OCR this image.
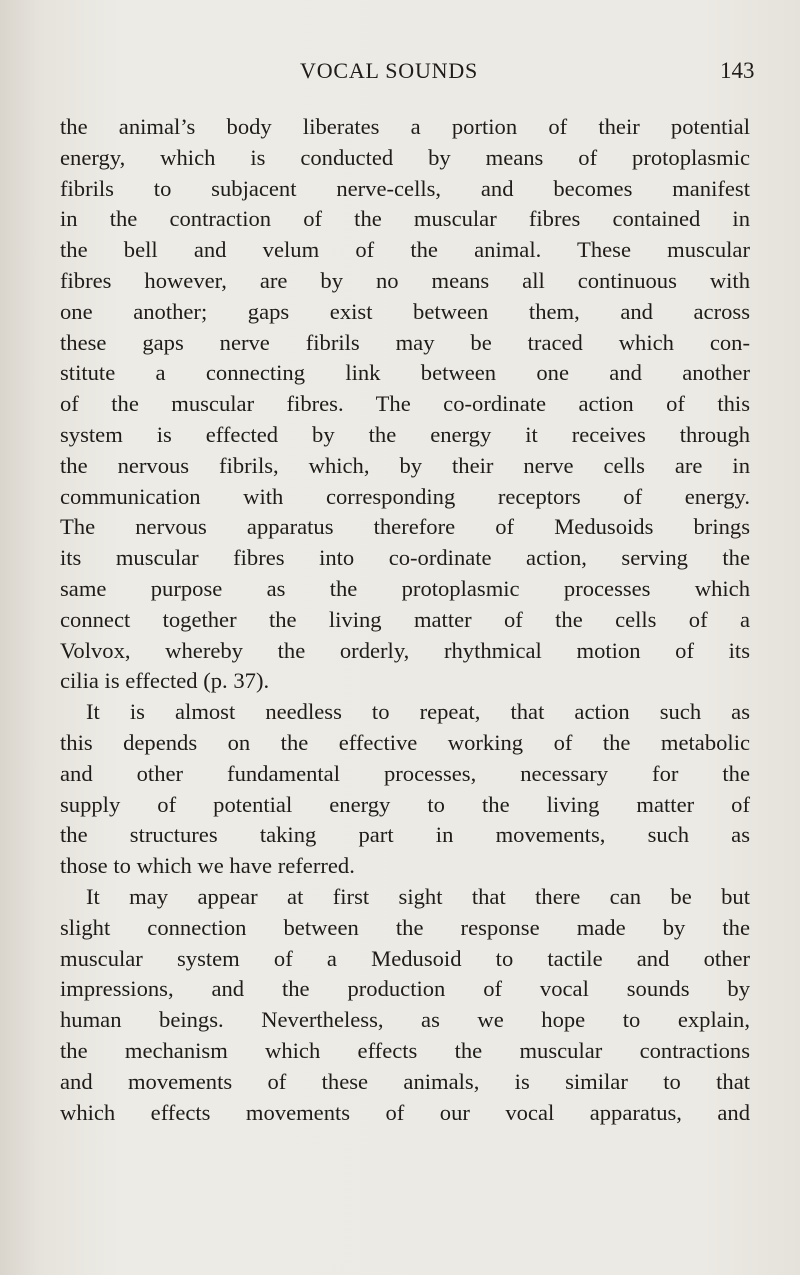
VOCAL SOUNDS	143
the animal’s body liberates a portion of their potential
energy, which is conducted by means of protoplasmic
fibrils to subjacent nerve-cells, and becomes manifest
in the contraction of the muscular fibres contained in
the bell and velum of the animal. These muscular
fibres however, are by no means all continuous with
one another; gaps exist between them, and across
these gaps nerve fibrils may be traced which con-
stitute a connecting link between one and another
of the muscular fibres. The co-ordinate action of this
system is effected by the energy it receives through
the nervous fibrils, which, by their nerve cells are in
communication with corresponding receptors of energy.
The nervous apparatus therefore of Medusoids brings
its muscular fibres into co-ordinate action, serving the
same purpose as the protoplasmic processes which
connect together the living matter of the cells of a
Volvox, whereby the orderly, rhythmical motion of its
cilia is effected (p. 37).
It is almost needless to repeat, that action such as
this depends on the effective working of the metabolic
and other fundamental processes, necessary for the
supply of potential energy to the living matter of
the structures taking part in movements, such as
those to which we have referred.
It may appear at first sight that there can be but
slight connection between the response made by the
muscular system of a Medusoid to tactile and other
impressions, and the production of vocal sounds by
human beings. Nevertheless, as we hope to explain,
the mechanism which effects the muscular contractions
and movements of these animals, is similar to that
which effects movements of our vocal apparatus, and
